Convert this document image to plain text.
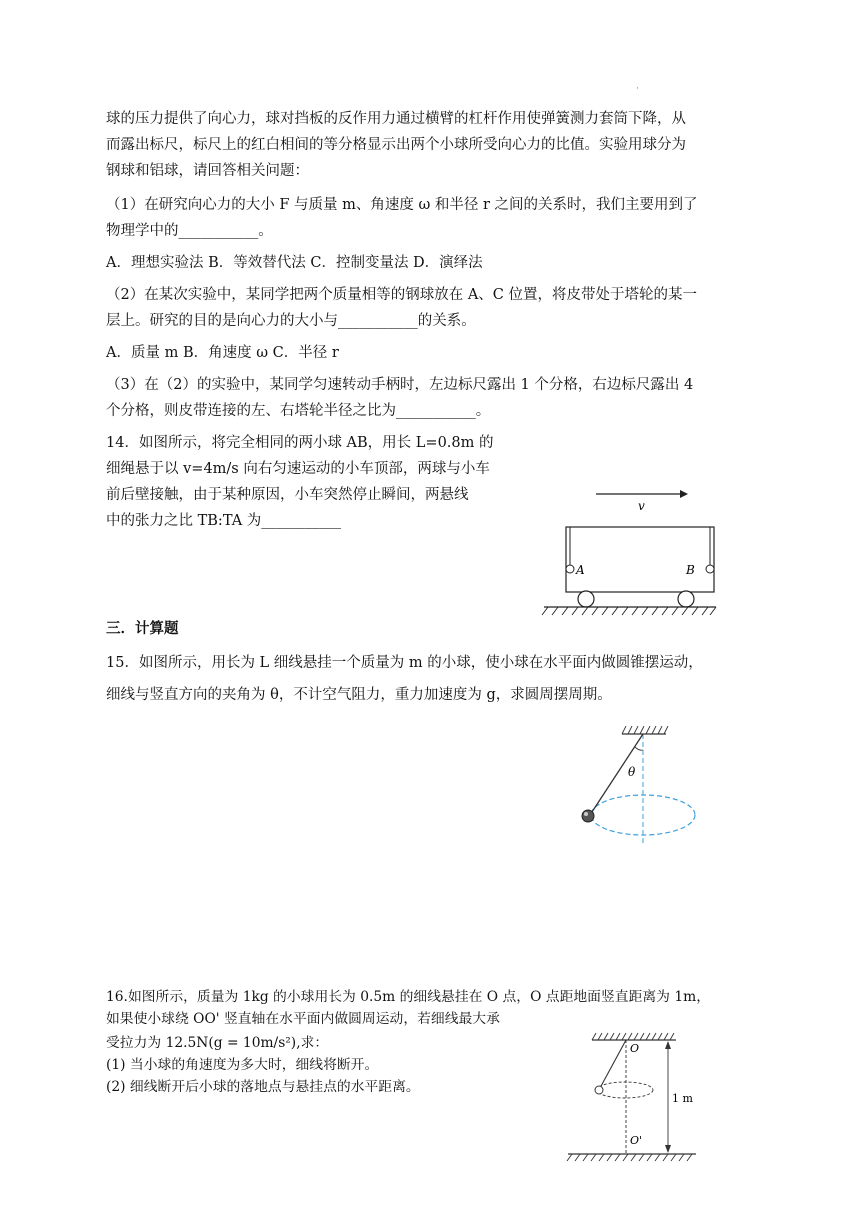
·
球的压力提供了向心力，球对挡板的反作用力通过横臂的杠杆作用使弹簧测力套筒下降，从
而露出标尺，标尺上的红白相间的等分格显示出两个小球所受向心力的比值。实验用球分为
钢球和铝球，请回答相关问题：
（1）在研究向心力的大小 F 与质量 m、角速度 ω 和半径 r 之间的关系时，我们主要用到了
物理学中的___________。
A．理想实验法 B．等效替代法 C．控制变量法 D．演绎法
（2）在某次实验中，某同学把两个质量相等的钢球放在 A、C 位置，将皮带处于塔轮的某一
层上。研究的目的是向心力的大小与___________的关系。
A．质量 m B．角速度 ω C．半径 r
（3）在（2）的实验中，某同学匀速转动手柄时，左边标尺露出 1 个分格，右边标尺露出 4
个分格，则皮带连接的左、右塔轮半径之比为___________。
14．如图所示，将完全相同的两小球 AB，用长 L=0.8m 的
细绳悬于以 v=4m/s 向右匀速运动的小车顶部，两球与小车
前后壁接触，由于某种原因，小车突然停止瞬间，两悬线
中的张力之比 TB:TA 为___________
v
A	B
三．计算题
15．如图所示，用长为 L 细线悬挂一个质量为 m 的小球，使小球在水平面内做圆锥摆运动，
细线与竖直方向的夹角为 θ，不计空气阻力，重力加速度为 g，求圆周摆周期。
θ
16.如图所示，质量为 1kg 的小球用长为 0.5m 的细线悬挂在 O 点，O 点距地面竖直距离为 1m，
如果使小球绕 OO' 竖直轴在水平面内做圆周运动，若细线最大承
受拉力为 12.5N(g = 10m/s²),求：
(1) 当小球的角速度为多大时，细线将断开。
(2) 细线断开后小球的落地点与悬挂点的水平距离。
O
O'
1 m
